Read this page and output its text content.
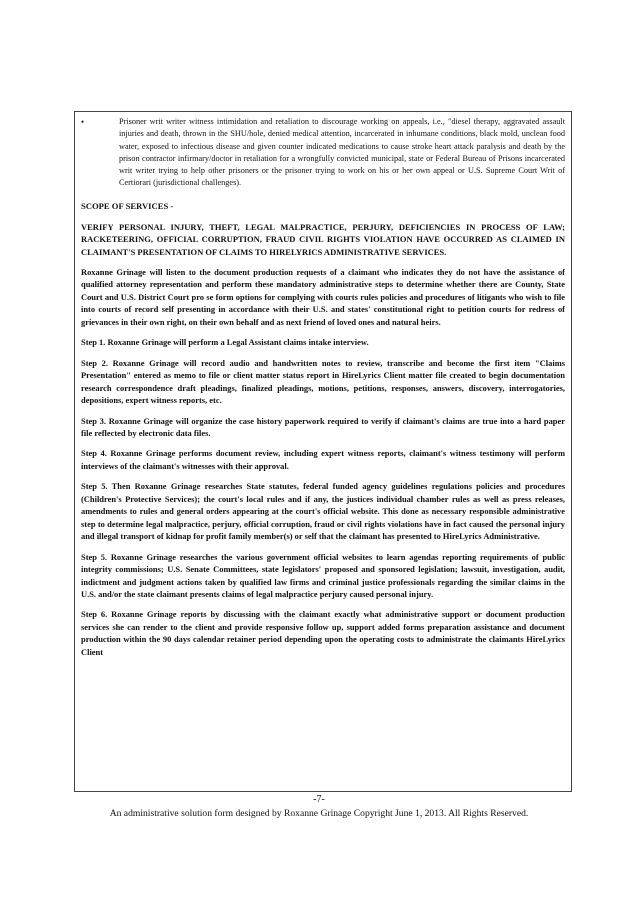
•	Prisoner writ writer witness intimidation and retaliation to discourage working on appeals, i.e., "diesel therapy, aggravated assault injuries and death, thrown in the SHU/hole, denied medical attention, incarcerated in inhumane conditions, black mold, unclean food water, exposed to infectious disease and given counter indicated medications to cause stroke heart attack paralysis and death by the prison contractor infirmary/doctor in retaliation for a wrongfully convicted municipal, state or Federal Bureau of Prisons incarcerated writ writer trying to help other prisoners or the prisoner trying to work on his or her own appeal or U.S. Supreme Court Writ of Certiorari (jurisdictional challenges).
SCOPE OF SERVICES -
VERIFY PERSONAL INJURY, THEFT, LEGAL MALPRACTICE, PERJURY, DEFICIENCIES IN PROCESS OF LAW; RACKETEERING, OFFICIAL CORRUPTION, FRAUD CIVIL RIGHTS VIOLATION HAVE OCCURRED AS CLAIMED IN CLAIMANT'S PRESENTATION OF CLAIMS TO HIRELYRICS ADMINISTRATIVE SERVICES.
Roxanne Grinage will listen to the document production requests of a claimant who indicates they do not have the assistance of qualified attorney representation and perform these mandatory administrative steps to determine whether there are County, State Court and U.S. District Court pro se form options for complying with courts rules policies and procedures of litigants who wish to file into courts of record self presenting in accordance with their U.S. and states' constitutional right to petition courts for redress of grievances in their own right, on their own behalf and as next friend of loved ones and natural heirs.
Step 1. Roxanne Grinage will perform a Legal Assistant claims intake interview.
Step 2. Roxanne Grinage will record audio and handwritten notes to review, transcribe and become the first item "Claims Presentation" entered as memo to file or client matter status report in HireLyrics Client matter file created to begin documentation research correspondence draft pleadings, finalized pleadings, motions, petitions, responses, answers, discovery, interrogatories, depositions, expert witness reports, etc.
Step 3. Roxanne Grinage will organize the case history paperwork required to verify if claimant's claims are true into a hard paper file reflected by electronic data files.
Step 4. Roxanne Grinage performs document review, including expert witness reports, claimant's witness testimony will perform interviews of the claimant's witnesses with their approval.
Step 5. Then Roxanne Grinage researches State statutes, federal funded agency guidelines regulations policies and procedures (Children's Protective Services); the court's local rules and if any, the justices individual chamber rules as well as press releases, amendments to rules and general orders appearing at the court's official website. This done as necessary responsible administrative step to determine legal malpractice, perjury, official corruption, fraud or civil rights violations have in fact caused the personal injury and illegal transport of kidnap for profit family member(s) or self that the claimant has presented to HireLyrics Administrative.
Step 5. Roxanne Grinage researches the various government official websites to learn agendas reporting requirements of public integrity commissions; U.S. Senate Committees, state legislators' proposed and sponsored legislation; lawsuit, investigation, audit, indictment and judgment actions taken by qualified law firms and criminal justice professionals regarding the similar claims in the U.S. and/or the state claimant presents claims of legal malpractice perjury caused personal injury.
Step 6. Roxanne Grinage reports by discussing with the claimant exactly what administrative support or document production services she can render to the client and provide responsive follow up, support added forms preparation assistance and document production within the 90 days calendar retainer period depending upon the operating costs to administrate the claimants HireLyrics Client
-7-
An administrative solution form designed by Roxanne Grinage Copyright June 1, 2013. All Rights Reserved.
